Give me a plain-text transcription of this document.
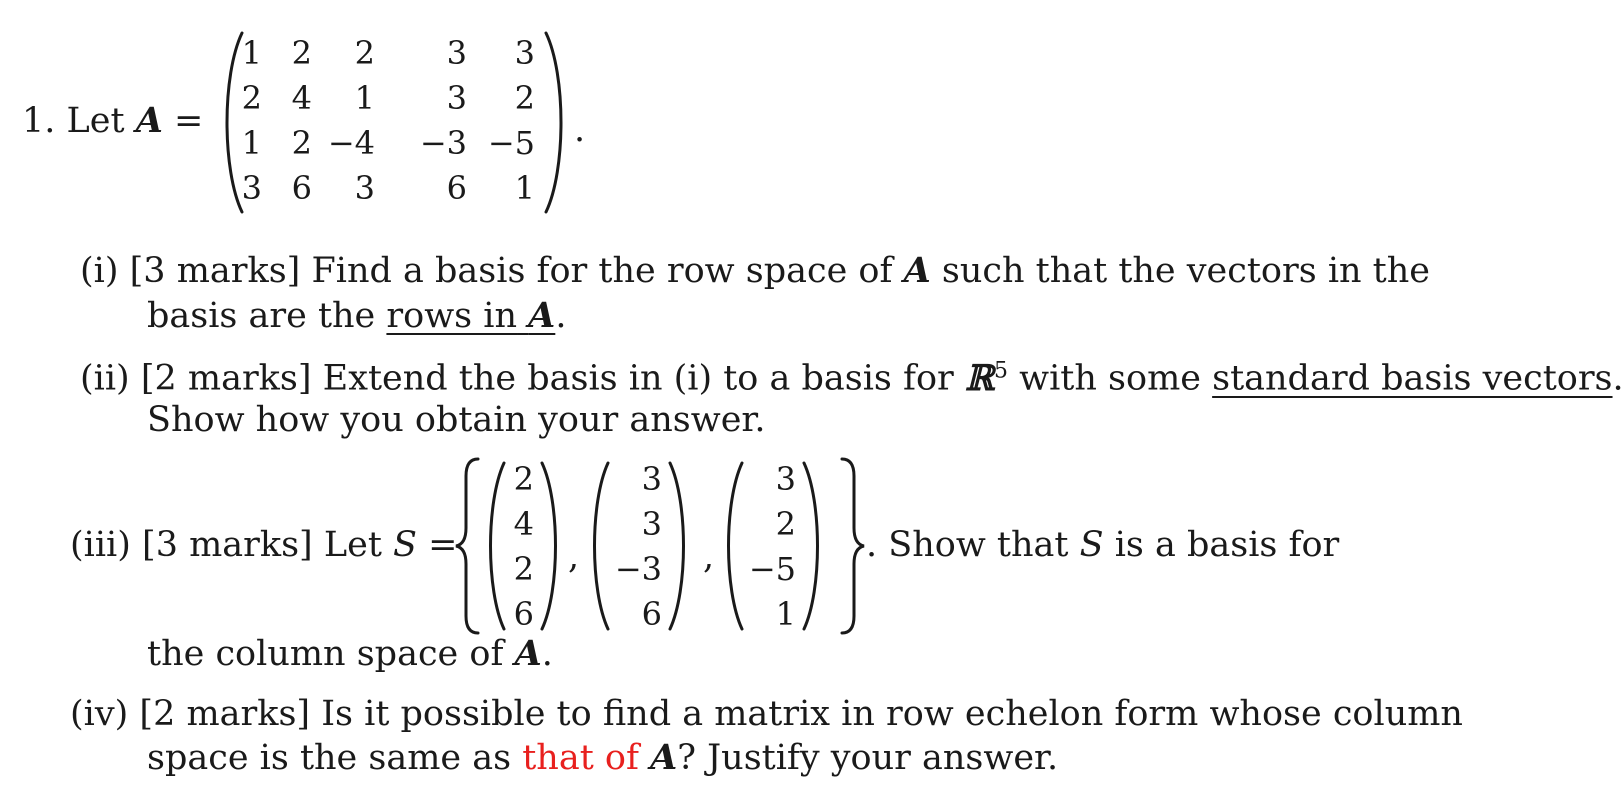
1. Let A =
1 2	2	3	3
2 4	1	3	2
1 2 −4	−3 −5
3 6	3	6	1
.
(i) [3 marks] Find a basis for the row space of A such that the vectors in the
basis are the rows in A.
(ii) [2 marks] Extend the basis in (i) to a basis for ℝ$^5$ with some standard basis vectors.
Show how you obtain your answer.
(iii) [3 marks] Let S =
2
4
2
6
,
3
3
−3
6
,
3
2
−5
1
. Show that S is a basis for
the column space of A.
(iv) [2 marks] Is it possible to find a matrix in row echelon form whose column
space is the same as that of A? Justify your answer.
